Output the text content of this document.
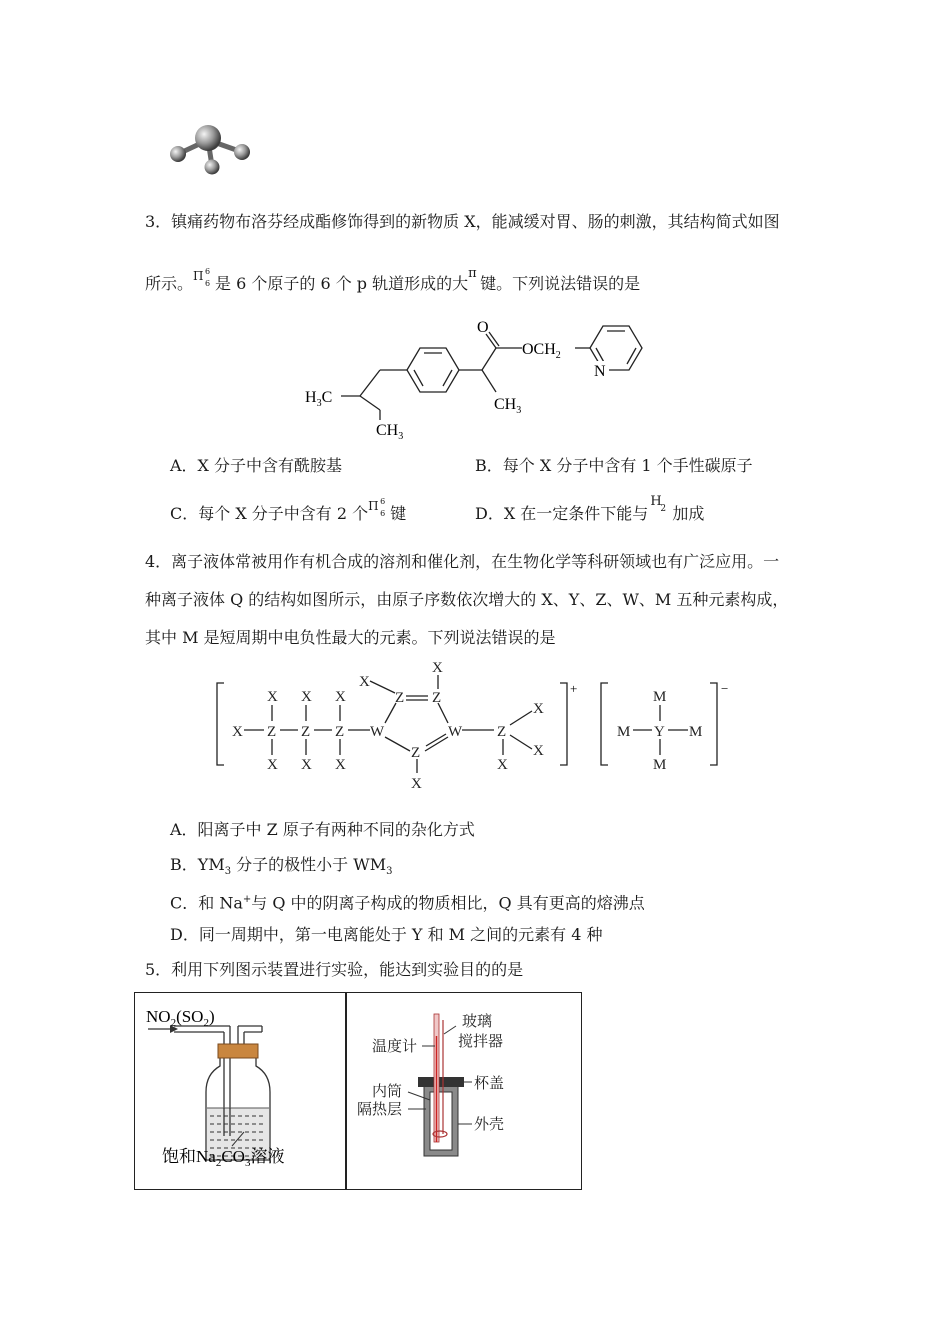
3．镇痛药物布洛芬经成酯修饰得到的新物质 X，能减缓对胃、肠的刺激，其结构简式如图
所示。 Π 6
6 是 6 个原子的 6 个 p 轨道形成的大
π
键。下列说法错误的是
O
$OCH_2$
N
$H_3C$
$CH_3$
$CH_3$
A．X 分子中含有酰胺基	B．每个 X 分子中含有 1 个手性碳原子
C．每个 X 分子中含有 2 个 Π 6
6 键	D．X 在一定条件下能与
H
2 加成
4．离子液体常被用作有机合成的溶剂和催化剂，在生物化学等科研领域也有广泛应用。一
种离子液体 Q 的结构如图所示，由原子序数依次增大的 X、Y、Z、W、M 五种元素构成，
其中 M 是短周期中电负性最大的元素。下列说法错误的是
X Z Z Z
X
X
X
X
X
X
W	W
Z Z
Z
X
X
X
Z
X
X
X
M Y M
M
M
+	−
A．阳离子中 Z 原子有两种不同的杂化方式
B．$YM_3$ 分子的极性小于 $WM_3$
C．和 Na+与 Q 中的阴离子构成的物质相比，Q 具有更高的熔沸点
D．同一周期中，第一电离能处于 Y 和 M 之间的元素有 4 种
5．利用下列图示装置进行实验，能达到实验目的的是
$NO_2(SO_2)$
饱和$Na_2CO_3$溶液
温度计
玻璃
搅拌器
杯盖
内筒
隔热层
外壳
